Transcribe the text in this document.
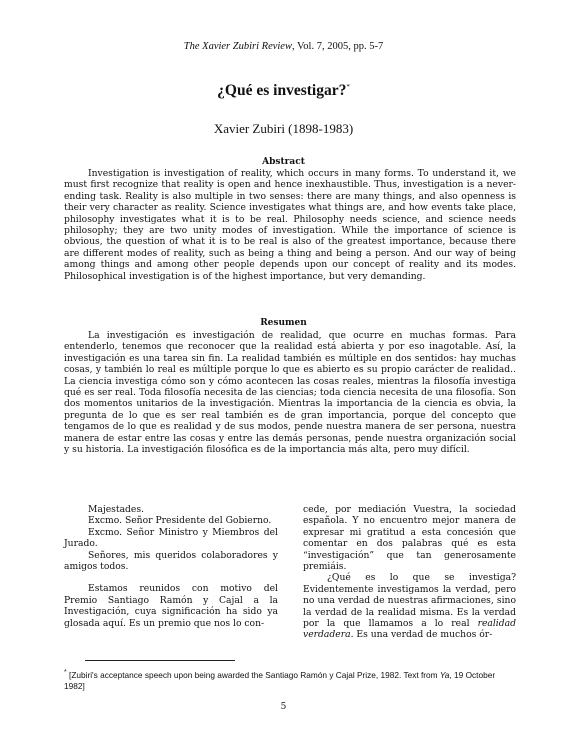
The Xavier Zubiri Review, Vol. 7, 2005, pp. 5-7
¿Qué es investigar?*
Xavier Zubiri (1898-1983)
Abstract
Investigation is investigation of reality, which occurs in many forms. To understand it, we must first recognize that reality is open and hence inexhaustible. Thus, investigation is a never-ending task. Reality is also multiple in two senses: there are many things, and also openness is their very character as reality. Science investigates what things are, and how events take place, philosophy investigates what it is to be real. Philosophy needs science, and science needs philosophy; they are two unity modes of investigation. While the importance of science is obvious, the question of what it is to be real is also of the greatest importance, because there are different modes of reality, such as being a thing and being a person. And our way of being among things and among other people depends upon our concept of reality and its modes. Philosophical investigation is of the highest importance, but very demanding.
Resumen
La investigación es investigación de realidad, que ocurre en muchas formas. Para entenderlo, tenemos que reconocer que la realidad está abierta y por eso inagotable. Así, la investigación es una tarea sin fin. La realidad también es múltiple en dos sentidos: hay muchas cosas, y también lo real es múltiple porque lo que es abierto es su propio carácter de realidad.. La ciencia investiga cómo son y cómo acontecen las cosas reales, mientras la filosofía investiga qué es ser real. Toda filosofía necesita de las ciencias; toda ciencia necesita de una filosofía. Son dos momentos unitarios de la investigación. Mientras la importancia de la ciencia es obvia, la pregunta de lo que es ser real también es de gran importancia, porque del concepto que tengamos de lo que es realidad y de sus modos, pende nuestra manera de ser persona, nuestra manera de estar entre las cosas y entre las demás personas, pende nuestra organización social y su historia. La investigación filosófica es de la importancia más alta, pero muy difícil.

Majestades.

Excmo. Señor Presidente del Gobierno.

Excmo. Señor Ministro y Miembros del Jurado.

Señores, mis queridos colaboradores y amigos todos.

Estamos reunidos con motivo del Premio Santiago Ramón y Cajal a la Investigación, cuya significación ha sido ya glosada aquí. Es un premio que nos lo con-

cede, por mediación Vuestra, la sociedad española. Y no encuentro mejor manera de expresar mi gratitud a esta concesión que comentar en dos palabras qué es esta “investigación” que tan generosamente premiáis.

¿Qué es lo que se investiga? Evidentemente investigamos la verdad, pero no una verdad de nuestras afirmaciones, sino la verdad de la realidad misma. Es la verdad por la que llamamos a lo real realidad verdadera. Es una verdad de muchos ór-

* [Zubiri's acceptance speech upon being awarded the Santiago Ramón y Cajal Prize, 1982. Text from Ya, 19 October 1982]
5
